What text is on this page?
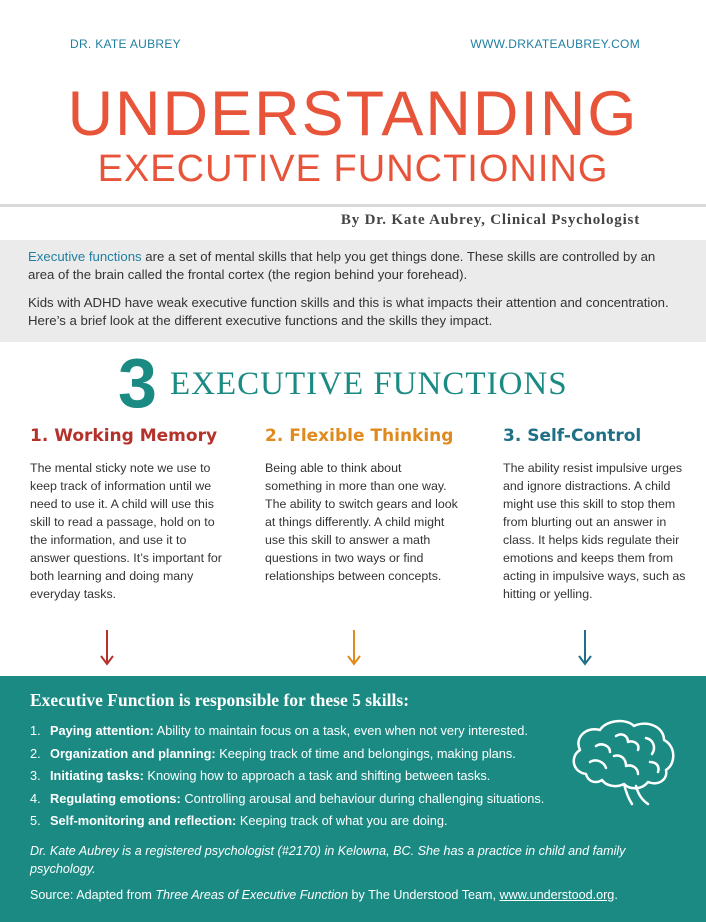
DR. KATE AUBREY	WWW.DRKATEAUBREY.COM
UNDERSTANDING
EXECUTIVE FUNCTIONING
By Dr. Kate Aubrey, Clinical Psychologist

Executive functions are a set of mental skills that help you get things done. These skills are controlled by an area of the brain called the frontal cortex (the region behind your forehead).

Kids with ADHD have weak executive function skills and this is what impacts their attention and concentration. Here’s a brief look at the different executive functions and the skills they impact.

3 EXECUTIVE FUNCTIONS
1. Working Memory
The mental sticky note we use to keep track of information until we need to use it. A child will use this skill to read a passage, hold on to the information, and use it to answer questions. It’s important for both learning and doing many everyday tasks.
2. Flexible Thinking
Being able to think about something in more than one way. The ability to switch gears and look at things differently. A child might use this skill to answer a math questions in two ways or find relationships between concepts.
3. Self-Control
The ability resist impulsive urges and ignore distractions. A child might use this skill to stop them from blurting out an answer in class. It helps kids regulate their emotions and keeps them from acting in impulsive ways, such as hitting or yelling.
Executive Function is responsible for these 5 skills:
1. Paying attention: Ability to maintain focus on a task, even when not very interested.
2. Organization and planning: Keeping track of time and belongings, making plans.
3. Initiating tasks: Knowing how to approach a task and shifting between tasks.
4. Regulating emotions: Controlling arousal and behaviour during challenging situations.
5. Self-monitoring and reflection: Keeping track of what you are doing.
Dr. Kate Aubrey is a registered psychologist (#2170) in Kelowna, BC. She has a practice in child and family psychology.
Source: Adapted from Three Areas of Executive Function by The Understood Team, www.understood.org.
